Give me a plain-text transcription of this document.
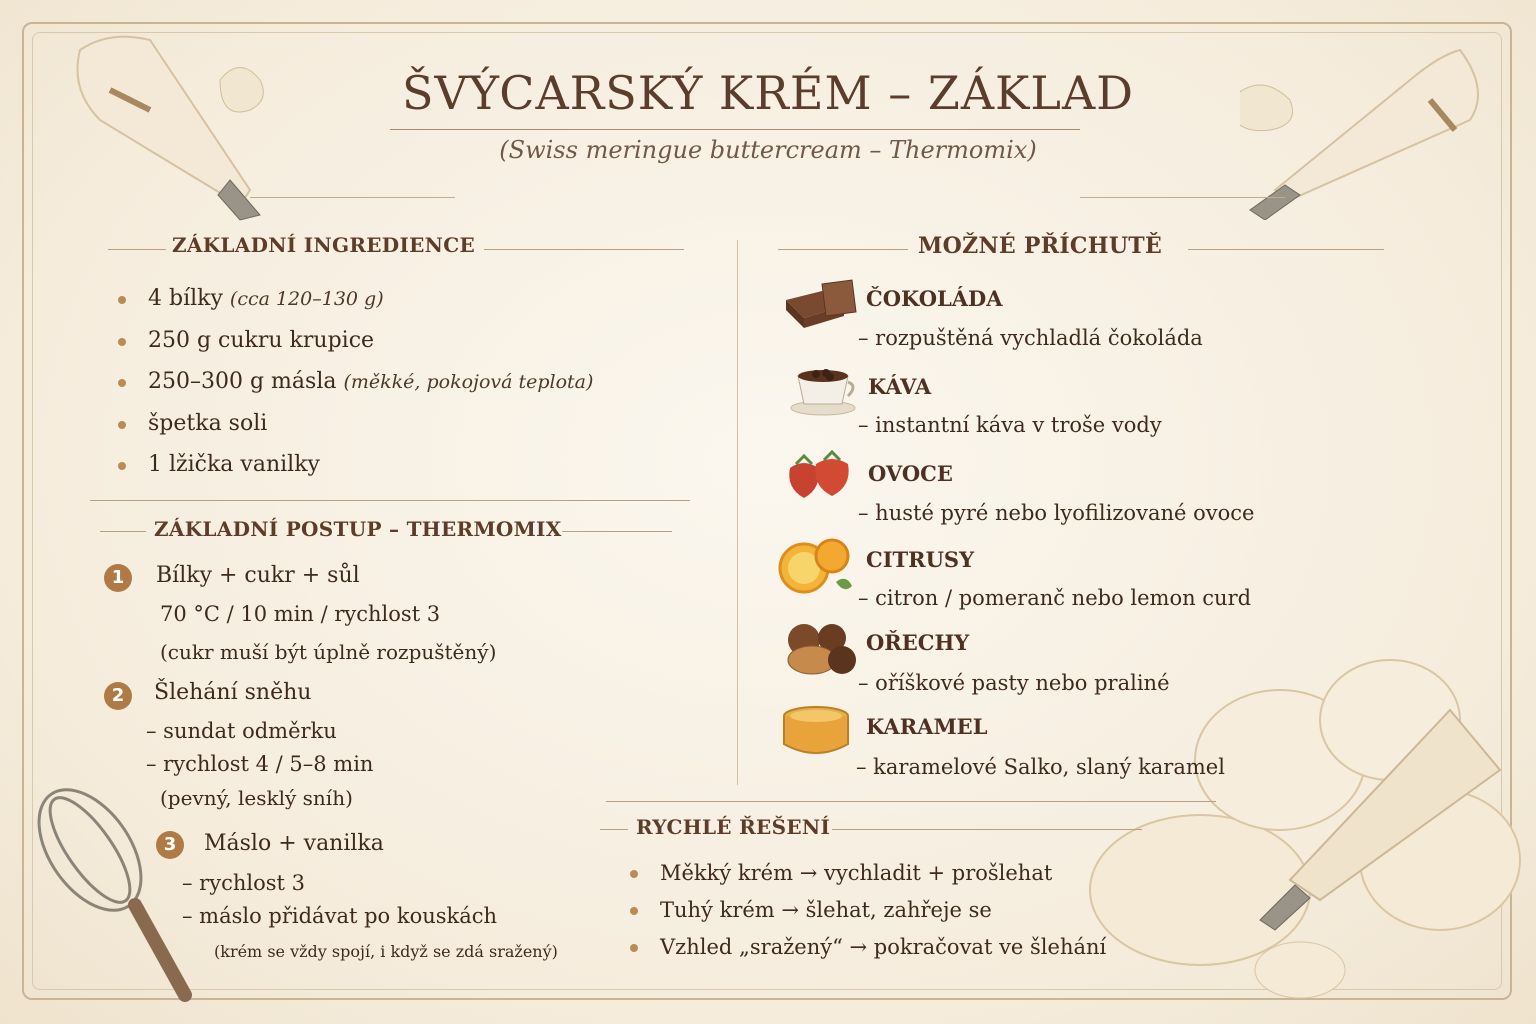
ŠVÝCARSKÝ KRÉM – ZÁKLAD
(Swiss meringue buttercream – Thermomix)
ZÁKLADNÍ INGREDIENCE
4 bílky (cca 120–130 g)
250 g cukru krupice
250–300 g másla (měkké, pokojová teplota)
špetka soli
1 lžička vanilky
ZÁKLADNÍ POSTUP – THERMOMIX
1	Bílky + cukr + sůl
70 °C / 10 min / rychlost 3
(cukr muší být úplně rozpuštěný)
2	Šlehání sněhu
– sundat odměrku
– rychlost 4 / 5–8 min
(pevný, lesklý sníh)
3	Máslo + vanilka
– rychlost 3
– máslo přidávat po kouskách
(krém se vždy spojí, i když se zdá sražený)
MOŽNÉ PŘÍCHUTĚ
ČOKOLÁDA
– rozpuštěná vychladlá čokoláda
KÁVA
– instantní káva v troše vody
OVOCE
– husté pyré nebo lyofilizované ovoce
CITRUSY
– citron / pomeranč nebo lemon curd
OŘECHY
– oříškové pasty nebo praliné
KARAMEL
– karamelové Salko, slaný karamel
RYCHLÉ ŘEŠENÍ
Měkký krém → vychladit + prošlehat
Tuhý krém → šlehat, zahřeje se
Vzhled „sražený“ → pokračovat ve šlehání
